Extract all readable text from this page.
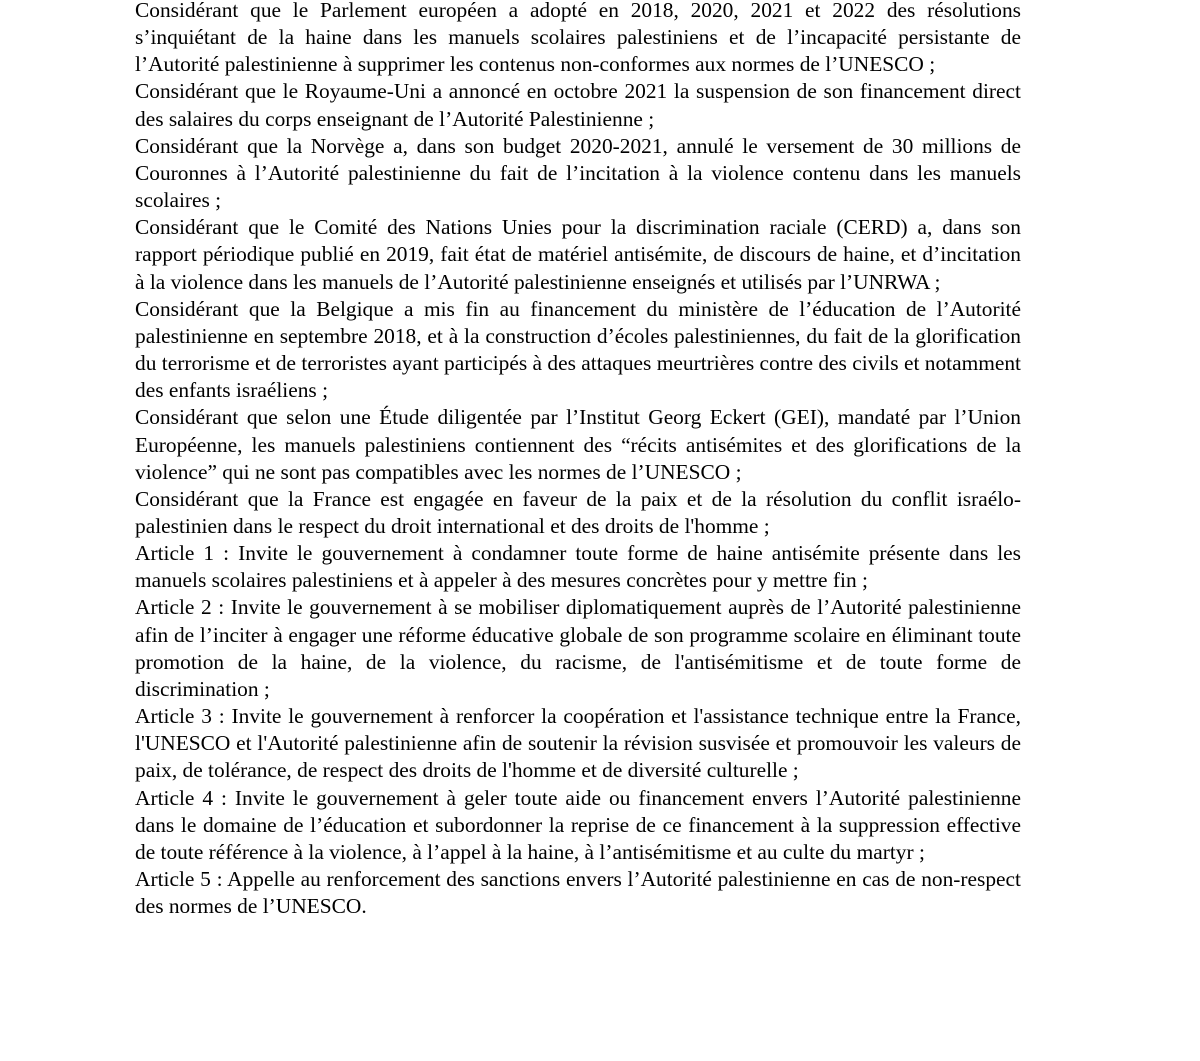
Considérant que le Parlement européen a adopté en 2018, 2020, 2021 et 2022 des résolutions s’inquiétant de la haine dans les manuels scolaires palestiniens et de l’incapacité persistante de l’Autorité palestinienne à supprimer les contenus non-conformes aux normes de l’UNESCO ;

Considérant que le Royaume-Uni a annoncé en octobre 2021 la suspension de son financement direct des salaires du corps enseignant de l’Autorité Palestinienne ;

Considérant que la Norvège a, dans son budget 2020-2021, annulé le versement de 30 millions de Couronnes à l’Autorité palestinienne du fait de l’incitation à la violence contenu dans les manuels scolaires ;

Considérant que le Comité des Nations Unies pour la discrimination raciale (CERD) a, dans son rapport périodique publié en 2019, fait état de matériel antisémite, de discours de haine, et d’incitation à la violence dans les manuels de l’Autorité palestinienne enseignés et utilisés par l’UNRWA ;

Considérant que la Belgique a mis fin au financement du ministère de l’éducation de l’Autorité palestinienne en septembre 2018, et à la construction d’écoles palestiniennes, du fait de la glorification du terrorisme et de terroristes ayant participés à des attaques meurtrières contre des civils et notamment des enfants israéliens ;

Considérant que selon une Étude diligentée par l’Institut Georg Eckert (GEI), mandaté par l’Union Européenne, les manuels palestiniens contiennent des “récits antisémites et des glorifications de la violence” qui ne sont pas compatibles avec les normes de l’UNESCO ;

Considérant que la France est engagée en faveur de la paix et de la résolution du conflit israélo-palestinien dans le respect du droit international et des droits de l'homme ;

Article 1 : Invite le gouvernement à condamner toute forme de haine antisémite présente dans les manuels scolaires palestiniens et à appeler à des mesures concrètes pour y mettre fin ;

Article 2 : Invite le gouvernement à se mobiliser diplomatiquement auprès de l’Autorité palestinienne afin de l’inciter à engager une réforme éducative globale de son programme scolaire en éliminant toute promotion de la haine, de la violence, du racisme, de l'antisémitisme et de toute forme de discrimination ;

Article 3 : Invite le gouvernement à renforcer la coopération et l'assistance technique entre la France, l'UNESCO et l'Autorité palestinienne afin de soutenir la révision susvisée et promouvoir les valeurs de paix, de tolérance, de respect des droits de l'homme et de diversité culturelle ;

Article 4 : Invite le gouvernement à geler toute aide ou financement envers l’Autorité palestinienne dans le domaine de l’éducation et subordonner la reprise de ce financement à la suppression effective de toute référence à la violence, à l’appel à la haine, à l’antisémitisme et au culte du martyr ;

Article 5 : Appelle au renforcement des sanctions envers l’Autorité palestinienne en cas de non-respect des normes de l’UNESCO.
